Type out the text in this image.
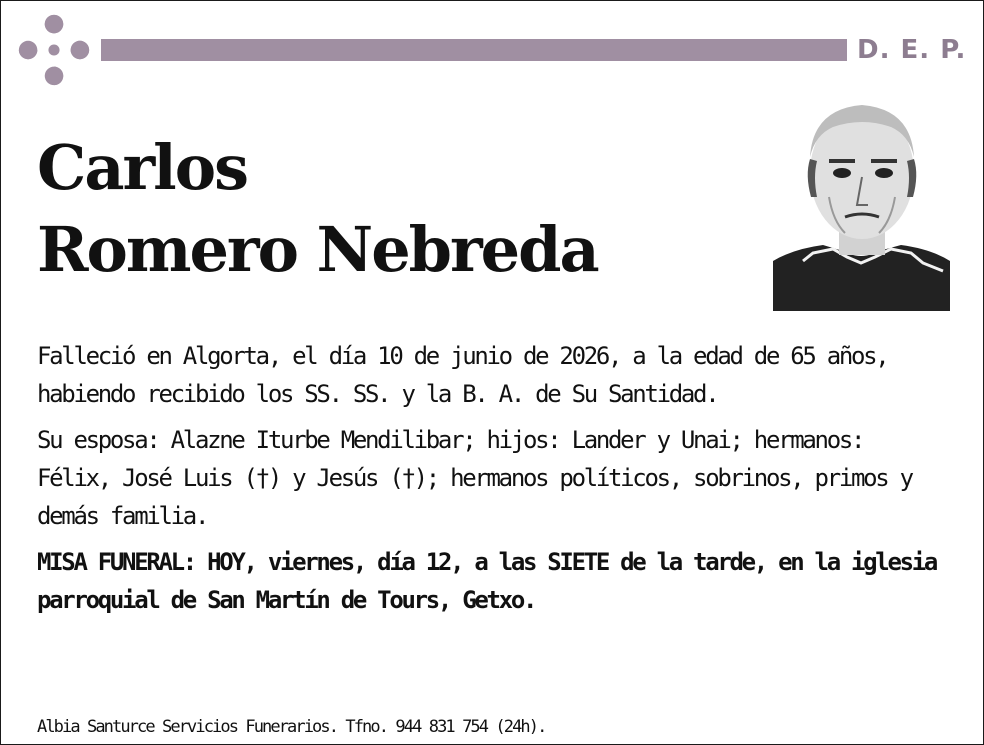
D. E. P.
Carlos
Romero Nebreda

Falleció en Algorta, el día 10 de junio de 2026, a la edad de 65 años, habiendo recibido los SS. SS. y la B. A. de Su Santidad.

Su esposa: Alazne Iturbe Mendilibar; hijos: Lander y Unai; hermanos: Félix, José Luis (†) y Jesús (†); hermanos políticos, sobrinos, primos y demás familia.

MISA FUNERAL: HOY, viernes, día 12, a las SIETE de la tarde, en la iglesia parroquial de San Martín de Tours, Getxo.

Albia Santurce Servicios Funerarios. Tfno. 944 831 754 (24h).
